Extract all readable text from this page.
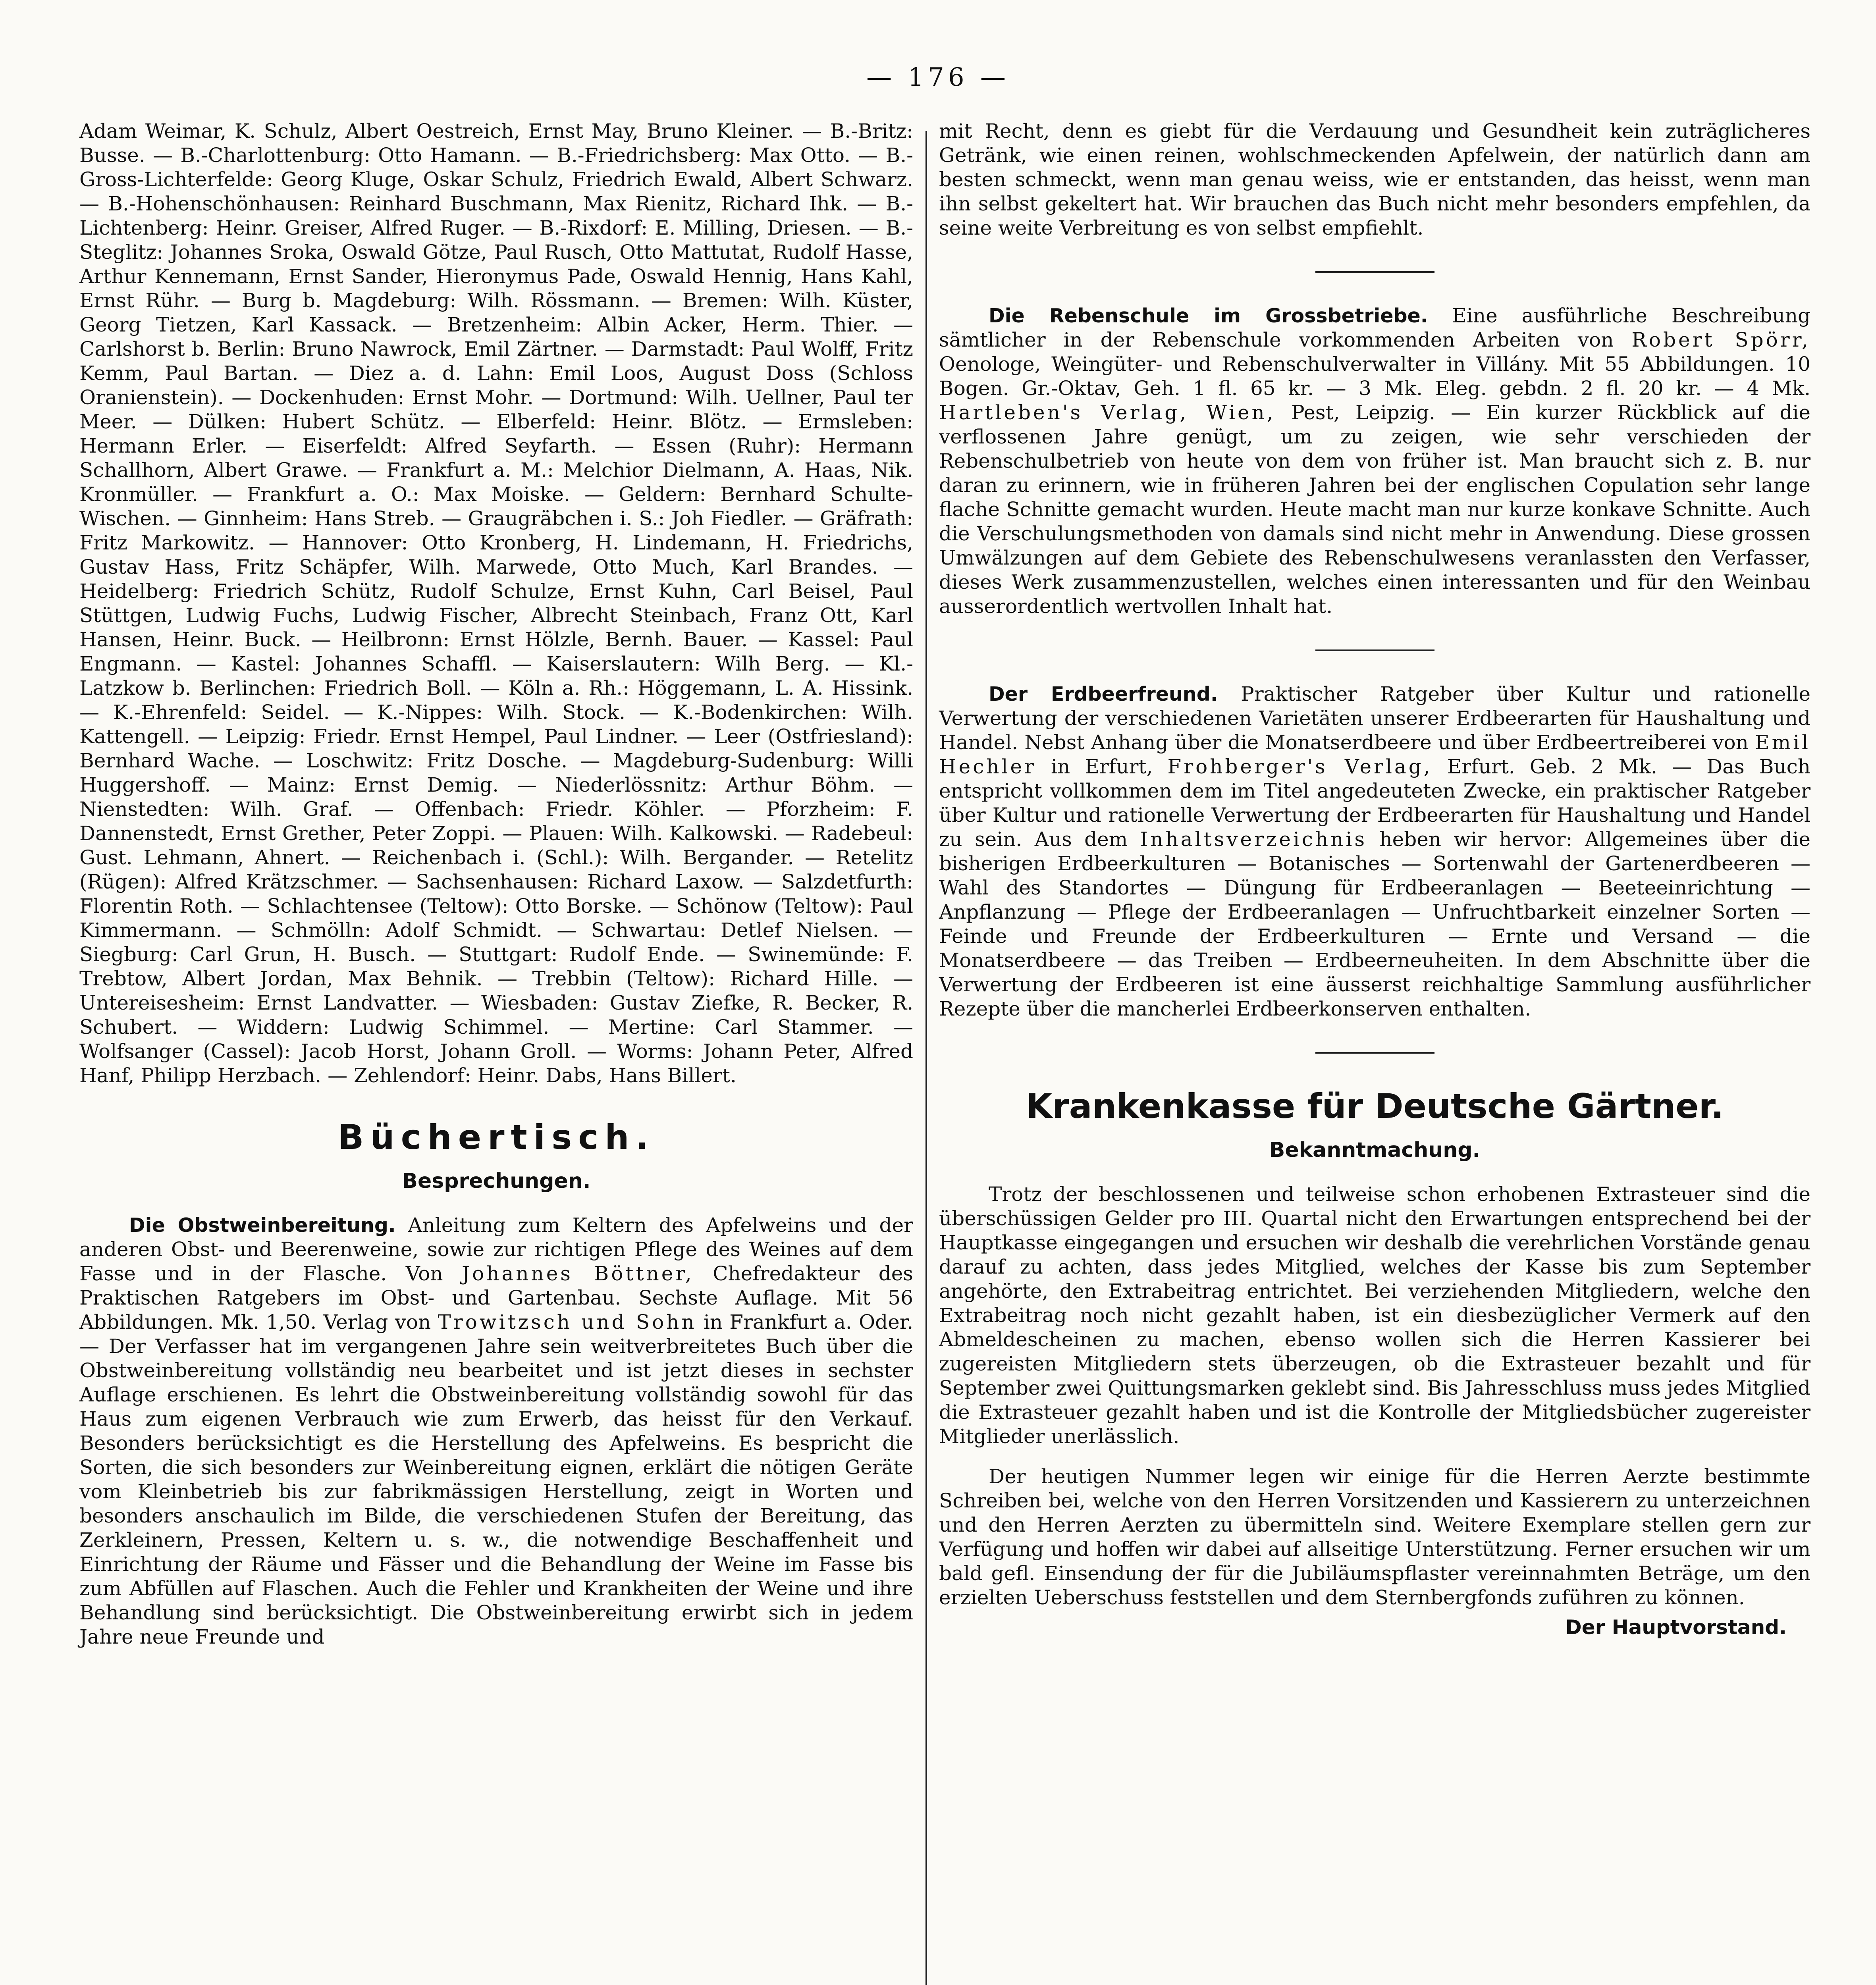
— 176 —

Adam Weimar, K. Schulz, Albert Oestreich, Ernst May, Bruno Kleiner. — B.-Britz: Busse. — B.-Charlottenburg: Otto Hamann. — B.-Friedrichsberg: Max Otto. — B.-Gross-Lichterfelde: Georg Kluge, Oskar Schulz, Friedrich Ewald, Albert Schwarz. — B.-Hohenschönhausen: Reinhard Buschmann, Max Rienitz, Richard Ihk. — B.-Lichtenberg: Heinr. Greiser, Alfred Ruger. — B.-Rixdorf: E. Milling, Driesen. — B.-Steglitz: Johannes Sroka, Oswald Götze, Paul Rusch, Otto Mattutat, Rudolf Hasse, Arthur Kennemann, Ernst Sander, Hieronymus Pade, Oswald Hennig, Hans Kahl, Ernst Rühr. — Burg b. Magdeburg: Wilh. Rössmann. — Bremen: Wilh. Küster, Georg Tietzen, Karl Kassack. — Bretzenheim: Albin Acker, Herm. Thier. — Carlshorst b. Berlin: Bruno Nawrock, Emil Zärtner. — Darmstadt: Paul Wolff, Fritz Kemm, Paul Bartan. — Diez a. d. Lahn: Emil Loos, August Doss (Schloss Oranienstein). — Dockenhuden: Ernst Mohr. — Dortmund: Wilh. Uellner, Paul ter Meer. — Dülken: Hubert Schütz. — Elberfeld: Heinr. Blötz. — Ermsleben: Hermann Erler. — Eiserfeldt: Alfred Seyfarth. — Essen (Ruhr): Hermann Schallhorn, Albert Grawe. — Frankfurt a. M.: Melchior Dielmann, A. Haas, Nik. Kronmüller. — Frankfurt a. O.: Max Moiske. — Geldern: Bernhard Schulte-Wischen. — Ginnheim: Hans Streb. — Graugräbchen i. S.: Joh Fiedler. — Gräfrath: Fritz Markowitz. — Hannover: Otto Kronberg, H. Lindemann, H. Friedrichs, Gustav Hass, Fritz Schäpfer, Wilh. Marwede, Otto Much, Karl Brandes. — Heidelberg: Friedrich Schütz, Rudolf Schulze, Ernst Kuhn, Carl Beisel, Paul Stüttgen, Ludwig Fuchs, Ludwig Fischer, Albrecht Steinbach, Franz Ott, Karl Hansen, Heinr. Buck. — Heilbronn: Ernst Hölzle, Bernh. Bauer. — Kassel: Paul Engmann. — Kastel: Johannes Schaffl. — Kaiserslautern: Wilh Berg. — Kl.-Latzkow b. Berlinchen: Friedrich Boll. — Köln a. Rh.: Höggemann, L. A. Hissink. — K.-Ehrenfeld: Seidel. — K.-Nippes: Wilh. Stock. — K.-Bodenkirchen: Wilh. Kattengell. — Leipzig: Friedr. Ernst Hempel, Paul Lindner. — Leer (Ostfriesland): Bernhard Wache. — Loschwitz: Fritz Dosche. — Magdeburg-Sudenburg: Willi Huggershoff. — Mainz: Ernst Demig. — Niederlössnitz: Arthur Böhm. — Nienstedten: Wilh. Graf. — Offenbach: Friedr. Köhler. — Pforzheim: F. Dannenstedt, Ernst Grether, Peter Zoppi. — Plauen: Wilh. Kalkowski. — Radebeul: Gust. Lehmann, Ahnert. — Reichenbach i. (Schl.): Wilh. Bergander. — Retelitz (Rügen): Alfred Krätzschmer. — Sachsenhausen: Richard Laxow. — Salzdetfurth: Florentin Roth. — Schlachtensee (Teltow): Otto Borske. — Schönow (Teltow): Paul Kimmermann. — Schmölln: Adolf Schmidt. — Schwartau: Detlef Nielsen. — Siegburg: Carl Grun, H. Busch. — Stuttgart: Rudolf Ende. — Swinemünde: F. Trebtow, Albert Jordan, Max Behnik. — Trebbin (Teltow): Richard Hille. — Untereisesheim: Ernst Landvatter. — Wiesbaden: Gustav Ziefke, R. Becker, R. Schubert. — Widdern: Ludwig Schimmel. — Mertine: Carl Stammer. — Wolfsanger (Cassel): Jacob Horst, Johann Groll. — Worms: Johann Peter, Alfred Hanf, Philipp Herzbach. — Zehlendorf: Heinr. Dabs, Hans Billert.

Büchertisch.
Besprechungen.

Die Obstweinbereitung. Anleitung zum Keltern des Apfelweins und der anderen Obst- und Beerenweine, sowie zur richtigen Pflege des Weines auf dem Fasse und in der Flasche. Von Johannes Böttner, Chefredakteur des Praktischen Ratgebers im Obst- und Gartenbau. Sechste Auflage. Mit 56 Abbildungen. Mk. 1,50. Verlag von Trowitzsch und Sohn in Frankfurt a. Oder. — Der Verfasser hat im vergangenen Jahre sein weitverbreitetes Buch über die Obstweinbereitung vollständig neu bearbeitet und ist jetzt dieses in sechster Auflage erschienen. Es lehrt die Obstweinbereitung vollständig sowohl für das Haus zum eigenen Verbrauch wie zum Erwerb, das heisst für den Verkauf. Besonders berücksichtigt es die Herstellung des Apfelweins. Es bespricht die Sorten, die sich besonders zur Weinbereitung eignen, erklärt die nötigen Geräte vom Kleinbetrieb bis zur fabrikmässigen Herstellung, zeigt in Worten und besonders anschaulich im Bilde, die verschiedenen Stufen der Bereitung, das Zerkleinern, Pressen, Keltern u. s. w., die notwendige Beschaffenheit und Einrichtung der Räume und Fässer und die Behandlung der Weine im Fasse bis zum Abfüllen auf Flaschen. Auch die Fehler und Krankheiten der Weine und ihre Behandlung sind berücksichtigt. Die Obstweinbereitung erwirbt sich in jedem Jahre neue Freunde und

mit Recht, denn es giebt für die Verdauung und Gesundheit kein zuträglicheres Getränk, wie einen reinen, wohlschmeckenden Apfelwein, der natürlich dann am besten schmeckt, wenn man genau weiss, wie er entstanden, das heisst, wenn man ihn selbst gekeltert hat. Wir brauchen das Buch nicht mehr besonders empfehlen, da seine weite Verbreitung es von selbst empfiehlt.

Die Rebenschule im Grossbetriebe. Eine ausführliche Beschreibung sämtlicher in der Rebenschule vorkommenden Arbeiten von Robert Spörr, Oenologe, Weingüter- und Rebenschulverwalter in Villány. Mit 55 Abbildungen. 10 Bogen. Gr.-Oktav, Geh. 1 fl. 65 kr. — 3 Mk. Eleg. gebdn. 2 fl. 20 kr. — 4 Mk. Hartleben's Verlag, Wien, Pest, Leipzig. — Ein kurzer Rückblick auf die verflossenen Jahre genügt, um zu zeigen, wie sehr verschieden der Rebenschulbetrieb von heute von dem von früher ist. Man braucht sich z. B. nur daran zu erinnern, wie in früheren Jahren bei der englischen Copulation sehr lange flache Schnitte gemacht wurden. Heute macht man nur kurze konkave Schnitte. Auch die Verschulungsmethoden von damals sind nicht mehr in Anwendung. Diese grossen Umwälzungen auf dem Gebiete des Rebenschulwesens veranlassten den Verfasser, dieses Werk zusammenzustellen, welches einen interessanten und für den Weinbau ausserordentlich wertvollen Inhalt hat.

Der Erdbeerfreund. Praktischer Ratgeber über Kultur und rationelle Verwertung der verschiedenen Varietäten unserer Erdbeerarten für Haushaltung und Handel. Nebst Anhang über die Monatserdbeere und über Erdbeertreiberei von Emil Hechler in Erfurt, Frohberger's Verlag, Erfurt. Geb. 2 Mk. — Das Buch entspricht vollkommen dem im Titel angedeuteten Zwecke, ein praktischer Ratgeber über Kultur und rationelle Verwertung der Erdbeerarten für Haushaltung und Handel zu sein. Aus dem Inhaltsverzeichnis heben wir hervor: Allgemeines über die bisherigen Erdbeerkulturen — Botanisches — Sortenwahl der Gartenerdbeeren — Wahl des Standortes — Düngung für Erdbeeranlagen — Beeteeinrichtung — Anpflanzung — Pflege der Erdbeeranlagen — Unfruchtbarkeit einzelner Sorten — Feinde und Freunde der Erdbeerkulturen — Ernte und Versand — die Monatserdbeere — das Treiben — Erdbeerneuheiten. In dem Abschnitte über die Verwertung der Erdbeeren ist eine äusserst reichhaltige Sammlung ausführlicher Rezepte über die mancherlei Erdbeerkonserven enthalten.

Krankenkasse für Deutsche Gärtner.
Bekanntmachung.

Trotz der beschlossenen und teilweise schon erhobenen Extrasteuer sind die überschüssigen Gelder pro III. Quartal nicht den Erwartungen entsprechend bei der Hauptkasse eingegangen und ersuchen wir deshalb die verehrlichen Vorstände genau darauf zu achten, dass jedes Mitglied, welches der Kasse bis zum September angehörte, den Extrabeitrag entrichtet. Bei verziehenden Mitgliedern, welche den Extrabeitrag noch nicht gezahlt haben, ist ein diesbezüglicher Vermerk auf den Abmeldescheinen zu machen, ebenso wollen sich die Herren Kassierer bei zugereisten Mitgliedern stets überzeugen, ob die Extrasteuer bezahlt und für September zwei Quittungsmarken geklebt sind. Bis Jahresschluss muss jedes Mitglied die Extrasteuer gezahlt haben und ist die Kontrolle der Mitgliedsbücher zugereister Mitglieder unerlässlich.

Der heutigen Nummer legen wir einige für die Herren Aerzte bestimmte Schreiben bei, welche von den Herren Vorsitzenden und Kassierern zu unterzeichnen und den Herren Aerzten zu übermitteln sind. Weitere Exemplare stellen gern zur Verfügung und hoffen wir dabei auf allseitige Unterstützung. Ferner ersuchen wir um bald gefl. Einsendung der für die Jubiläumspflaster vereinnahmten Beträge, um den erzielten Ueberschuss feststellen und dem Sternbergfonds zuführen zu können.

Der Hauptvorstand.
